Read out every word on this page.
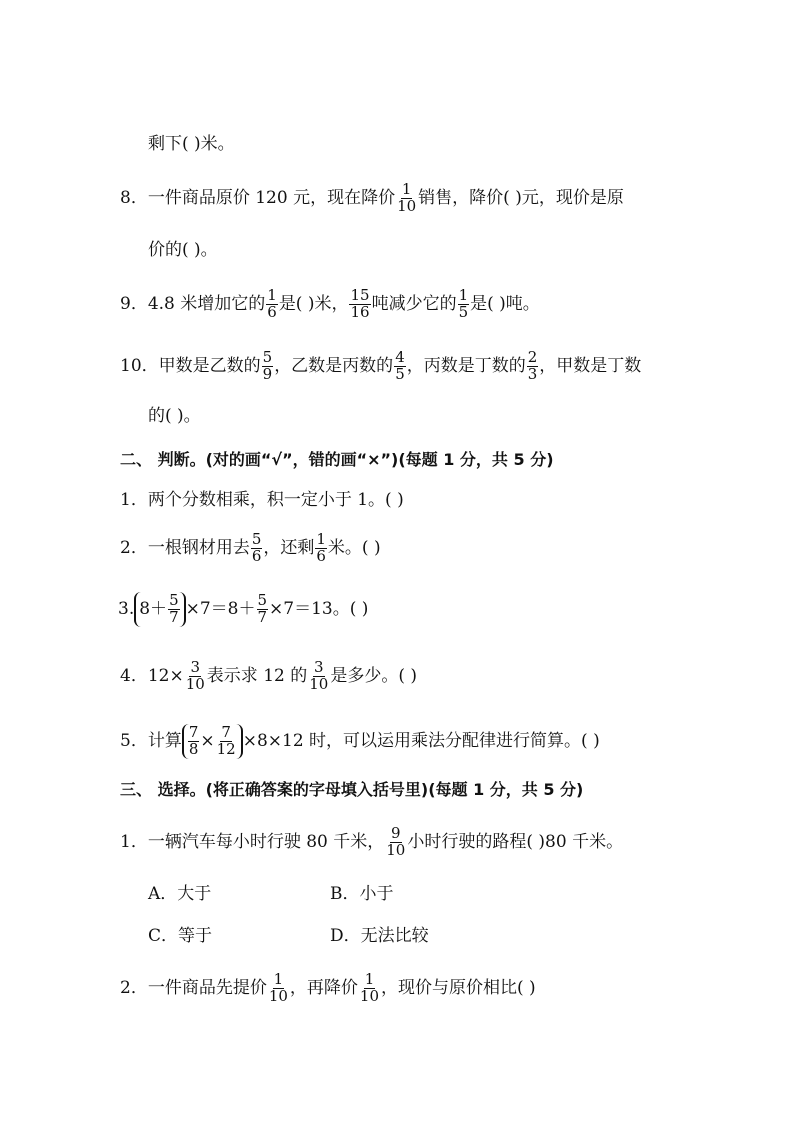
剩下( )米。
8．一件商品原价 120 元，现在降价 $\frac{1}{10}$ 销售，降价( )元，现价是原
价的( )。
9．4.8 米增加它的 $\frac{1}{6}$ 是( )米， $\frac{15}{16}$ 吨减少它的 $\frac{1}{5}$ 是( )吨。
10．甲数是乙数的 $\frac{5}{9}$ ，乙数是丙数的 $\frac{4}{5}$ ，丙数是丁数的 $\frac{2}{3}$ ，甲数是丁数
的( )。
二、 判断。(对的画“√”，错的画“×”)(每题 1 分，共 5 分)
1．两个分数相乘，积一定小于 1。( )
2．一根钢材用去 $\frac{5}{6}$ ，还剩 $\frac{1}{6}$ 米。( )
3. $8+ \frac{5}{7} \times 7=8+ \frac{5}{7} \times 7=13$。( )
4．$12\times \frac{3}{10}$ 表示求 12 的 $\frac{3}{10}$ 是多少。( )
5．计算 $\frac{7}{8} \times \frac{7}{12} \times 8\times 12$ 时，可以运用乘法分配律进行简算。( )
三、 选择。(将正确答案的字母填入括号里)(每题 1 分，共 5 分)
1．一辆汽车每小时行驶 80 千米， $\frac{9}{10}$ 小时行驶的路程( )80 千米。
A．大于	B．小于
C．等于	D．无法比较
2．一件商品先提价 $\frac{1}{10}$ ，再降价 $\frac{1}{10}$ ，现价与原价相比( )
